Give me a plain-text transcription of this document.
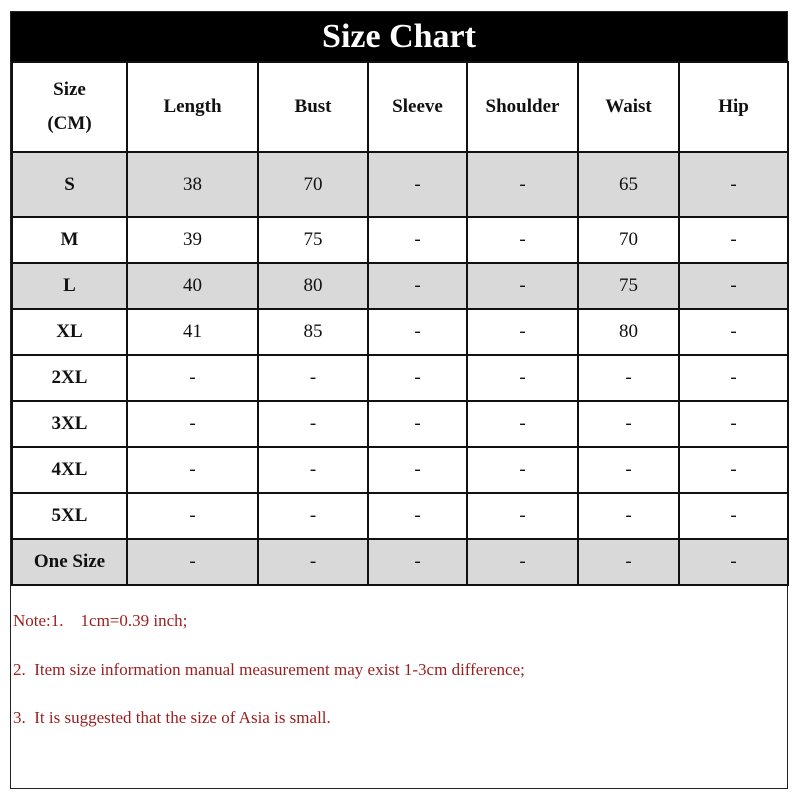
Size Chart
Size
(CM)	Length	Bust	Sleeve	Shoulder	Waist	Hip
S	38	70	-	-	65	-
M	39	75	-	-	70	-
L	40	80	-	-	75	-
XL	41	85	-	-	80	-
2XL	-	-	-	-	-	-
3XL	-	-	-	-	-	-
4XL	-	-	-	-	-	-
5XL	-	-	-	-	-	-
One Size	-	-	-	-	-	-
Note:1.    1cm=0.39 inch;
2.  Item size information manual measurement may exist 1-3cm difference;
3.  It is suggested that the size of Asia is small.
